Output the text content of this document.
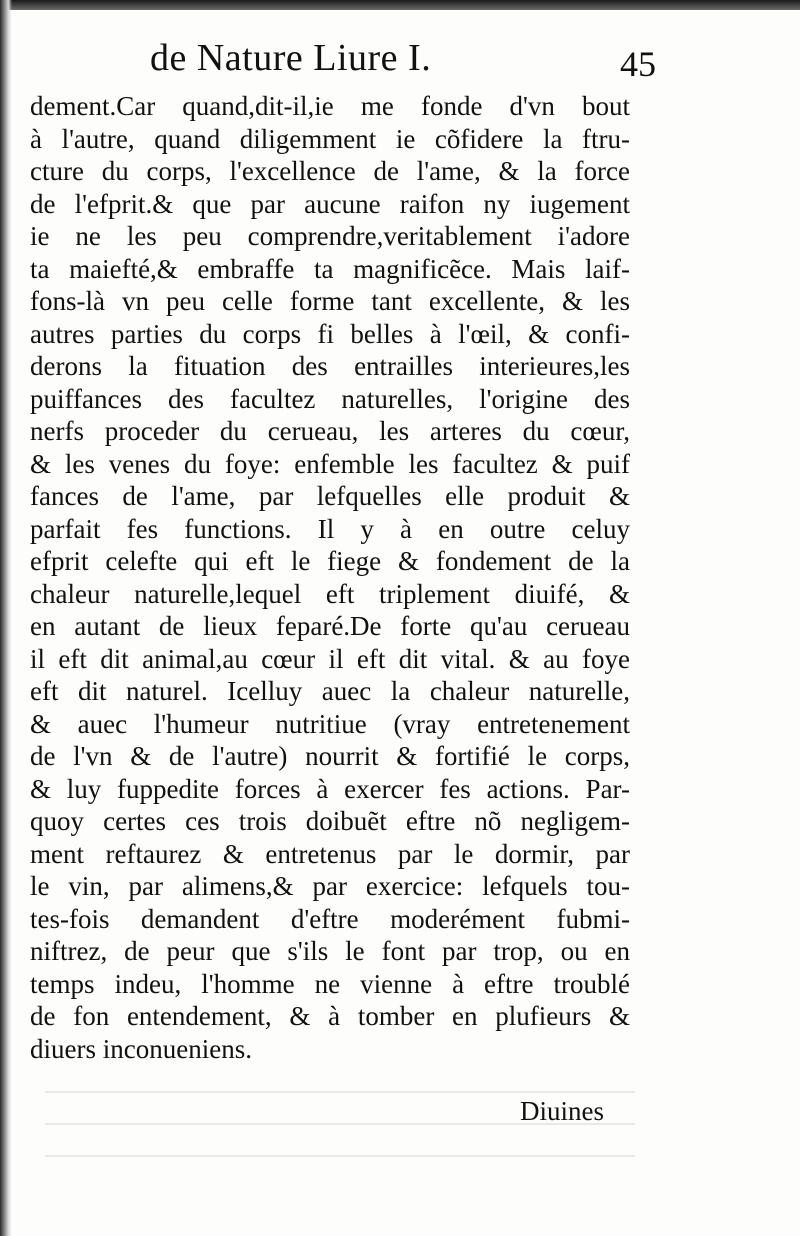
de Nature Liure I.	45
dement.Car quand,dit-il,ie me fonde d'vn bout
à l'autre, quand diligemment ie cõfidere la ftru-
cture du corps, l'excellence de l'ame, & la force
de l'efprit.& que par aucune raifon ny iugement
ie ne les peu comprendre,veritablement i'adore
ta maiefté,& embraffe ta magnificẽce. Mais laif-
fons-là vn peu celle forme tant excellente, & les
autres parties du corps fi belles à l'œil, & confi-
derons la fituation des entrailles interieures,les
puiffances des facultez naturelles, l'origine des
nerfs proceder du cerueau, les arteres du cœur,
& les venes du foye: enfemble les facultez & puif
fances de l'ame, par lefquelles elle produit &
parfait fes functions. Il y à en outre celuy
efprit celefte qui eft le fiege & fondement de la
chaleur naturelle,lequel eft triplement diuifé, &
en autant de lieux feparé.De forte qu'au cerueau
il eft dit animal,au cœur il eft dit vital. & au foye
eft dit naturel. Icelluy auec la chaleur naturelle,
& auec l'humeur nutritiue (vray entretenement
de l'vn & de l'autre) nourrit & fortifié le corps,
& luy fuppedite forces à exercer fes actions. Par-
quoy certes ces trois doibuẽt eftre nõ negligem-
ment reftaurez & entretenus par le dormir, par
le vin, par alimens,& par exercice: lefquels tou-
tes-fois demandent d'eftre moderément fubmi-
niftrez, de peur que s'ils le font par trop, ou en
temps indeu, l'homme ne vienne à eftre troublé
de fon entendement, & à tomber en plufieurs &
diuers inconueniens.
Diuines
